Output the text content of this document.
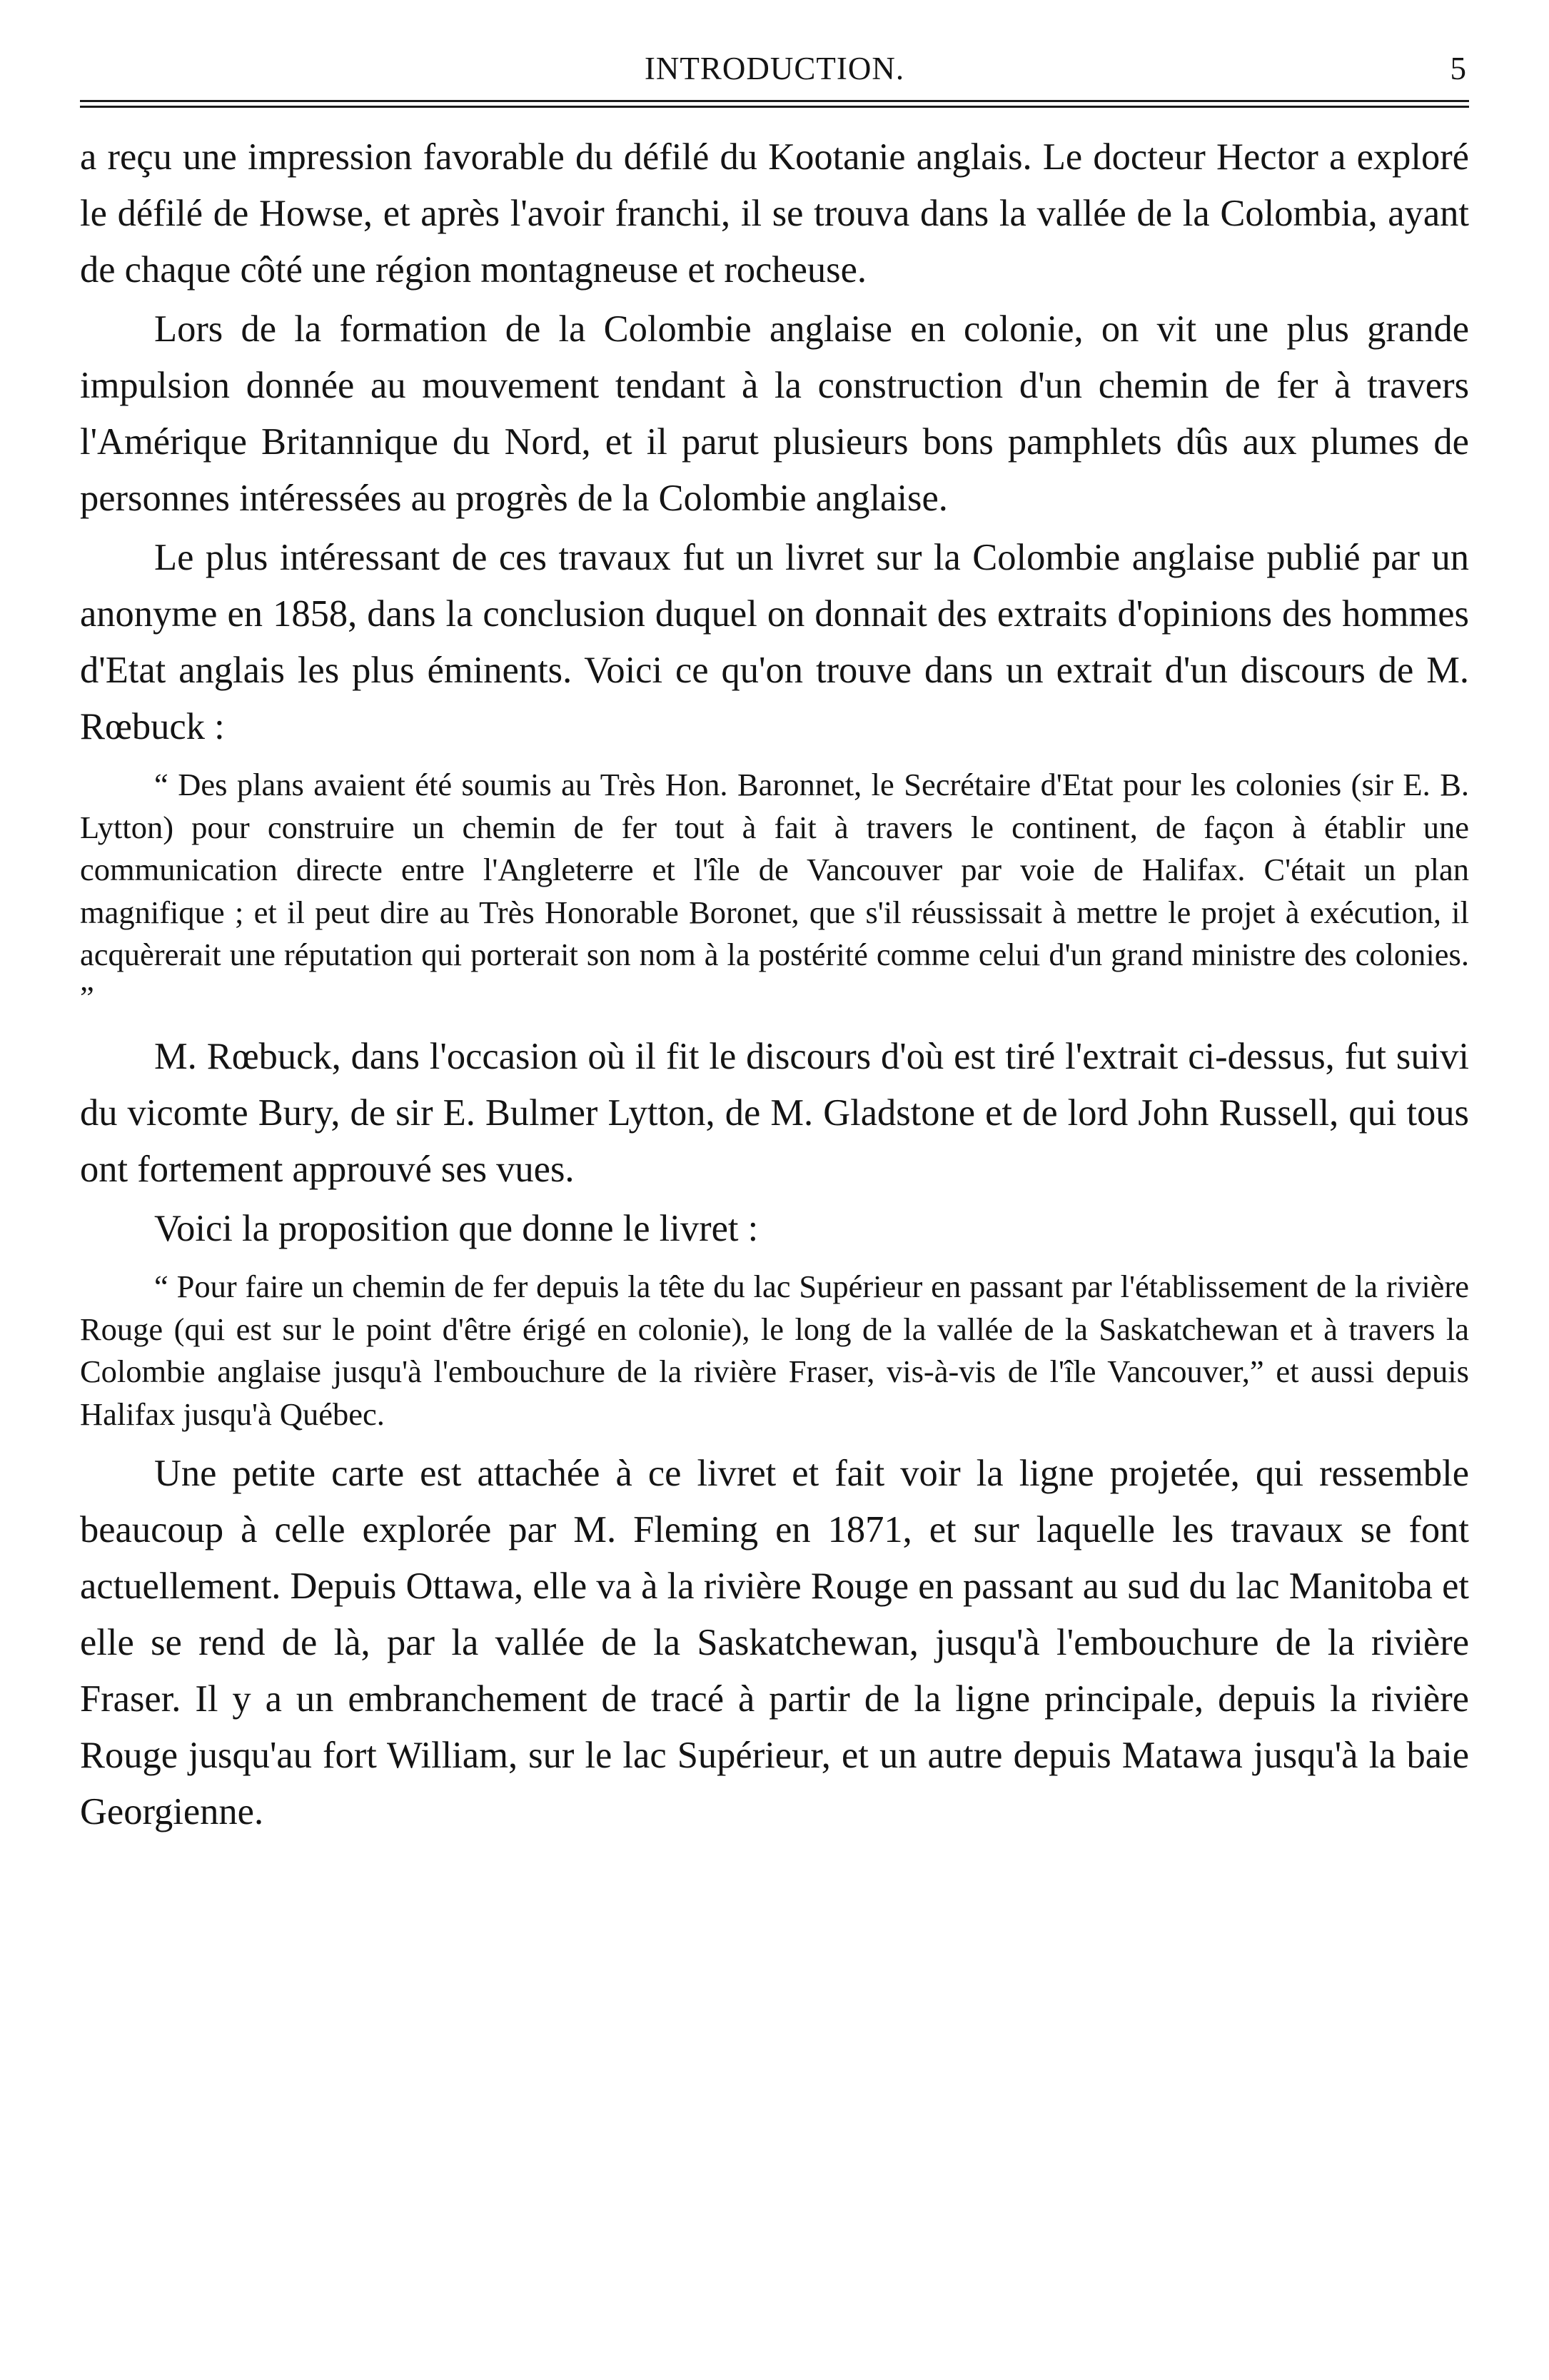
INTRODUCTION.	5

a reçu une impression favorable du défilé du Kootanie anglais. Le docteur Hector a exploré le défilé de Howse, et après l'avoir franchi, il se trouva dans la vallée de la Colombia, ayant de chaque côté une région montagneuse et rocheuse.

Lors de la formation de la Colombie anglaise en colonie, on vit une plus grande impulsion donnée au mouvement tendant à la construction d'un chemin de fer à travers l'Amérique Britannique du Nord, et il parut plusieurs bons pamphlets dûs aux plumes de personnes intéressées au progrès de la Colombie anglaise.

Le plus intéressant de ces travaux fut un livret sur la Colombie anglaise publié par un anonyme en 1858, dans la conclusion duquel on donnait des extraits d'opinions des hommes d'Etat anglais les plus éminents. Voici ce qu'on trouve dans un extrait d'un discours de M. Rœbuck :

“ Des plans avaient été soumis au Très Hon. Baronnet, le Secrétaire d'Etat pour les colonies (sir E. B. Lytton) pour construire un chemin de fer tout à fait à travers le continent, de façon à établir une communication directe entre l'Angleterre et l'île de Vancouver par voie de Halifax. C'était un plan magnifique ; et il peut dire au Très Honorable Boronet, que s'il réussissait à mettre le projet à exécution, il acquèrerait une réputation qui porterait son nom à la postérité comme celui d'un grand ministre des colonies. ”

M. Rœbuck, dans l'occasion où il fit le discours d'où est tiré l'extrait ci-dessus, fut suivi du vicomte Bury, de sir E. Bulmer Lytton, de M. Gladstone et de lord John Russell, qui tous ont fortement approuvé ses vues.

Voici la proposition que donne le livret :

“ Pour faire un chemin de fer depuis la tête du lac Supérieur en passant par l'établissement de la rivière Rouge (qui est sur le point d'être érigé en colonie), le long de la vallée de la Saskatchewan et à travers la Colombie anglaise jusqu'à l'embouchure de la rivière Fraser, vis-à-vis de l'île Vancouver,” et aussi depuis Halifax jusqu'à Québec.

Une petite carte est attachée à ce livret et fait voir la ligne projetée, qui ressemble beaucoup à celle explorée par M. Fleming en 1871, et sur laquelle les travaux se font actuellement. Depuis Ottawa, elle va à la rivière Rouge en passant au sud du lac Manitoba et elle se rend de là, par la vallée de la Saskatchewan, jusqu'à l'embouchure de la rivière Fraser. Il y a un embranchement de tracé à partir de la ligne principale, depuis la rivière Rouge jusqu'au fort William, sur le lac Supérieur, et un autre depuis Matawa jusqu'à la baie Georgienne.
